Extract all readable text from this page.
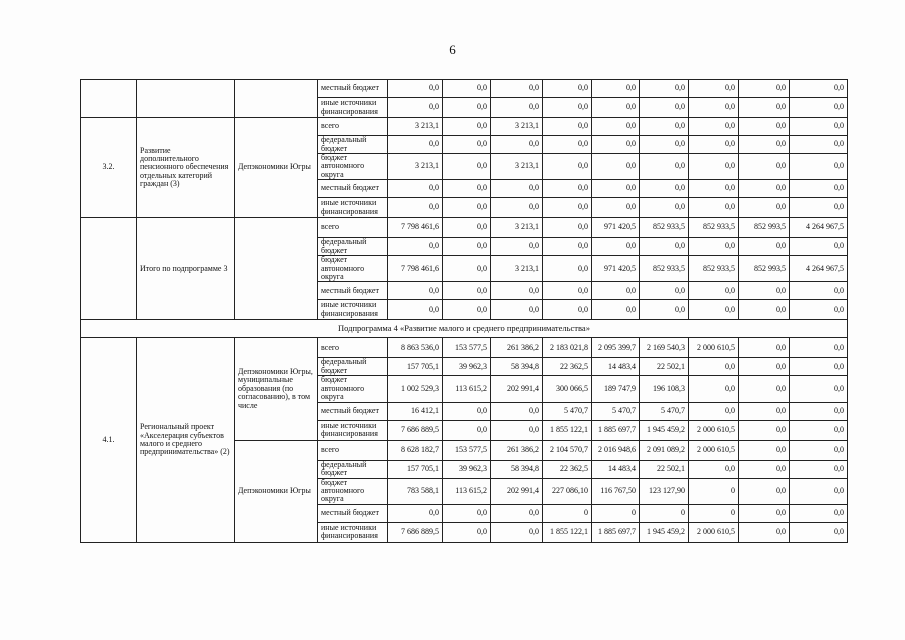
6
			местный бюджет	0,0	0,0	0,0	0,0	0,0	0,0	0,0	0,0	0,0
			иные источники финансирования	0,0	0,0	0,0	0,0	0,0	0,0	0,0	0,0	0,0
3.2.	Развитие дополнительного пенсионного обеспечения отдельных категорий граждан (3)	Депэкономики Югры	всего	3 213,1	0,0	3 213,1	0,0	0,0	0,0	0,0	0,0	0,0
			федеральный бюджет	0,0	0,0	0,0	0,0	0,0	0,0	0,0	0,0	0,0
			бюджет автономного округа	3 213,1	0,0	3 213,1	0,0	0,0	0,0	0,0	0,0	0,0
			местный бюджет	0,0	0,0	0,0	0,0	0,0	0,0	0,0	0,0	0,0
			иные источники финансирования	0,0	0,0	0,0	0,0	0,0	0,0	0,0	0,0	0,0
	Итого по подпрограмме 3		всего	7 798 461,6	0,0	3 213,1	0,0	971 420,5	852 933,5	852 933,5	852 993,5	4 264 967,5
			федеральный бюджет	0,0	0,0	0,0	0,0	0,0	0,0	0,0	0,0	0,0
			бюджет автономного округа	7 798 461,6	0,0	3 213,1	0,0	971 420,5	852 933,5	852 933,5	852 993,5	4 264 967,5
			местный бюджет	0,0	0,0	0,0	0,0	0,0	0,0	0,0	0,0	0,0
			иные источники финансирования	0,0	0,0	0,0	0,0	0,0	0,0	0,0	0,0	0,0
Подпрограмма 4 «Развитие малого и среднего предпринимательства»												
4.1.	Региональный проект «Акселерация субъектов малого и среднего предпринимательства» (2)	Депэкономики Югры, муниципальные образования (по согласованию), в том числе	всего	8 863 536,0	153 577,5	261 386,2	2 183 021,8	2 095 399,7	2 169 540,3	2 000 610,5	0,0	0,0
			федеральный бюджет	157 705,1	39 962,3	58 394,8	22 362,5	14 483,4	22 502,1	0,0	0,0	0,0
			бюджет автономного округа	1 002 529,3	113 615,2	202 991,4	300 066,5	189 747,9	196 108,3	0,0	0,0	0,0
			местный бюджет	16 412,1	0,0	0,0	5 470,7	5 470,7	5 470,7	0,0	0,0	0,0
			иные источники финансирования	7 686 889,5	0,0	0,0	1 855 122,1	1 885 697,7	1 945 459,2	2 000 610,5	0,0	0,0
		Депэкономики Югры	всего	8 628 182,7	153 577,5	261 386,2	2 104 570,7	2 016 948,6	2 091 089,2	2 000 610,5	0,0	0,0
			федеральный бюджет	157 705,1	39 962,3	58 394,8	22 362,5	14 483,4	22 502,1	0,0	0,0	0,0
			бюджет автономного округа	783 588,1	113 615,2	202 991,4	227 086,10	116 767,50	123 127,90	0	0,0	0,0
			местный бюджет	0,0	0,0	0,0	0	0	0	0	0,0	0,0
			иные источники финансирования	7 686 889,5	0,0	0,0	1 855 122,1	1 885 697,7	1 945 459,2	2 000 610,5	0,0	0,0
